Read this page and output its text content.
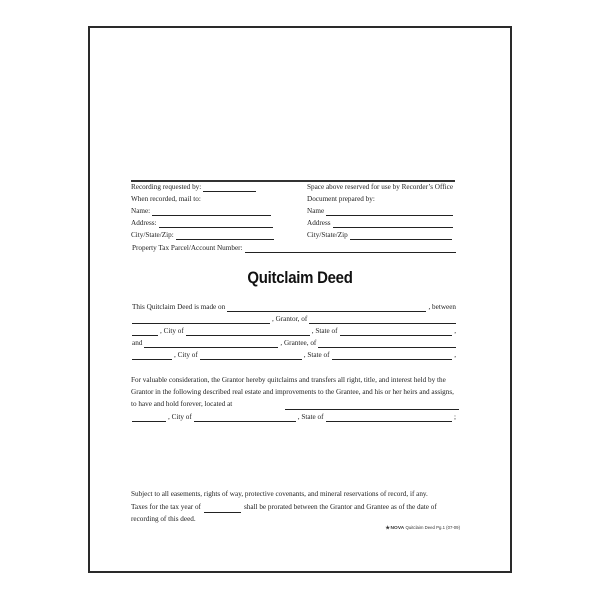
Recording requested by:
When recorded, mail to:
Name:
Address:
City/State/Zip:
Space above reserved for use by Recorder’s Office
Document prepared by:
Name
Address
City/State/Zip
Property Tax Parcel/Account Number:
Quitclaim Deed
This Quitclaim Deed is made on	, between
, Grantor, of
, City of	, State of	,
and	, Grantee, of
, City of	, State of	,
For valuable consideration, the Grantor hereby quitclaims and transfers all right, title, and interest held by the Grantor in the following described real estate and improvements to the Grantee, and his or her heirs and assigns, to have and hold forever, located at
, City of	, State of	;
Subject to all easements, rights of way, protective covenants, and mineral reservations of record, if any.
Taxes for the tax year of	shall be prorated between the Grantor and Grantee as of the date of
recording of this deed.
★NOVA Quitclaim Deed Pg.1 (07-09)
